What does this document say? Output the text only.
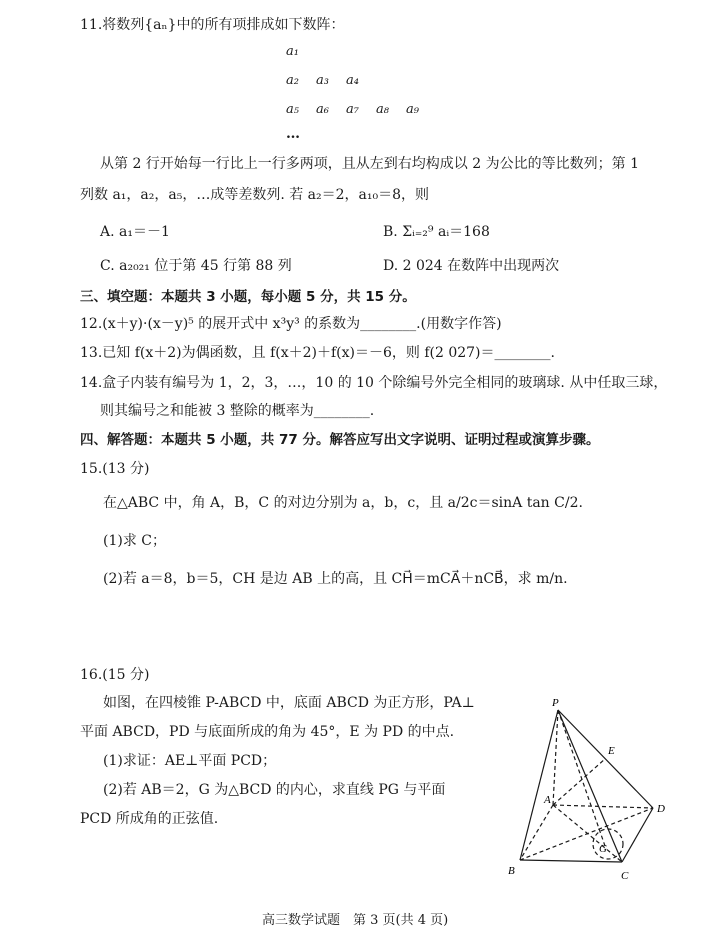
11.将数列{aₙ}中的所有项排成如下数阵：
a₁
a₂ a₃ a₄
a₅ a₆ a₇ a₈ a₉
…
从第 2 行开始每一行比上一行多两项，且从左到右均构成以 2 为公比的等比数列；第 1
列数 a₁，a₂，a₅，…成等差数列. 若 a₂＝2，a₁₀＝8，则
A. a₁＝－1	B. Σᵢ₌₂⁹ aᵢ＝168
C. a₂₀₂₁ 位于第 45 行第 88 列	D. 2 024 在数阵中出现两次
三、填空题：本题共 3 小题，每小题 5 分，共 15 分。
12.(x＋y)·(x－y)⁵ 的展开式中 x³y³ 的系数为________.(用数字作答)
13.已知 f(x＋2)为偶函数，且 f(x＋2)＋f(x)＝－6，则 f(2 027)＝________.
14.盒子内装有编号为 1，2，3，…，10 的 10 个除编号外完全相同的玻璃球. 从中任取三球，
则其编号之和能被 3 整除的概率为________.
四、解答题：本题共 5 小题，共 77 分。解答应写出文字说明、证明过程或演算步骤。
15.(13 分)
在△ABC 中，角 A，B，C 的对边分别为 a，b，c，且 a/2c＝sinA tan C/2.
(1)求 C；
(2)若 a＝8，b＝5，CH 是边 AB 上的高，且 CH⃗＝mCA⃗＋nCB⃗，求 m/n.
16.(15 分)
如图，在四棱锥 P-ABCD 中，底面 ABCD 为正方形，PA⊥
平面 ABCD，PD 与底面所成的角为 45°，E 为 PD 的中点.
(1)求证：AE⊥平面 PCD；
(2)若 AB＝2，G 为△BCD 的内心，求直线 PG 与平面
PCD 所成角的正弦值.
P
E
A
D
G
B	C
高三数学试题　第 3 页(共 4 页)
